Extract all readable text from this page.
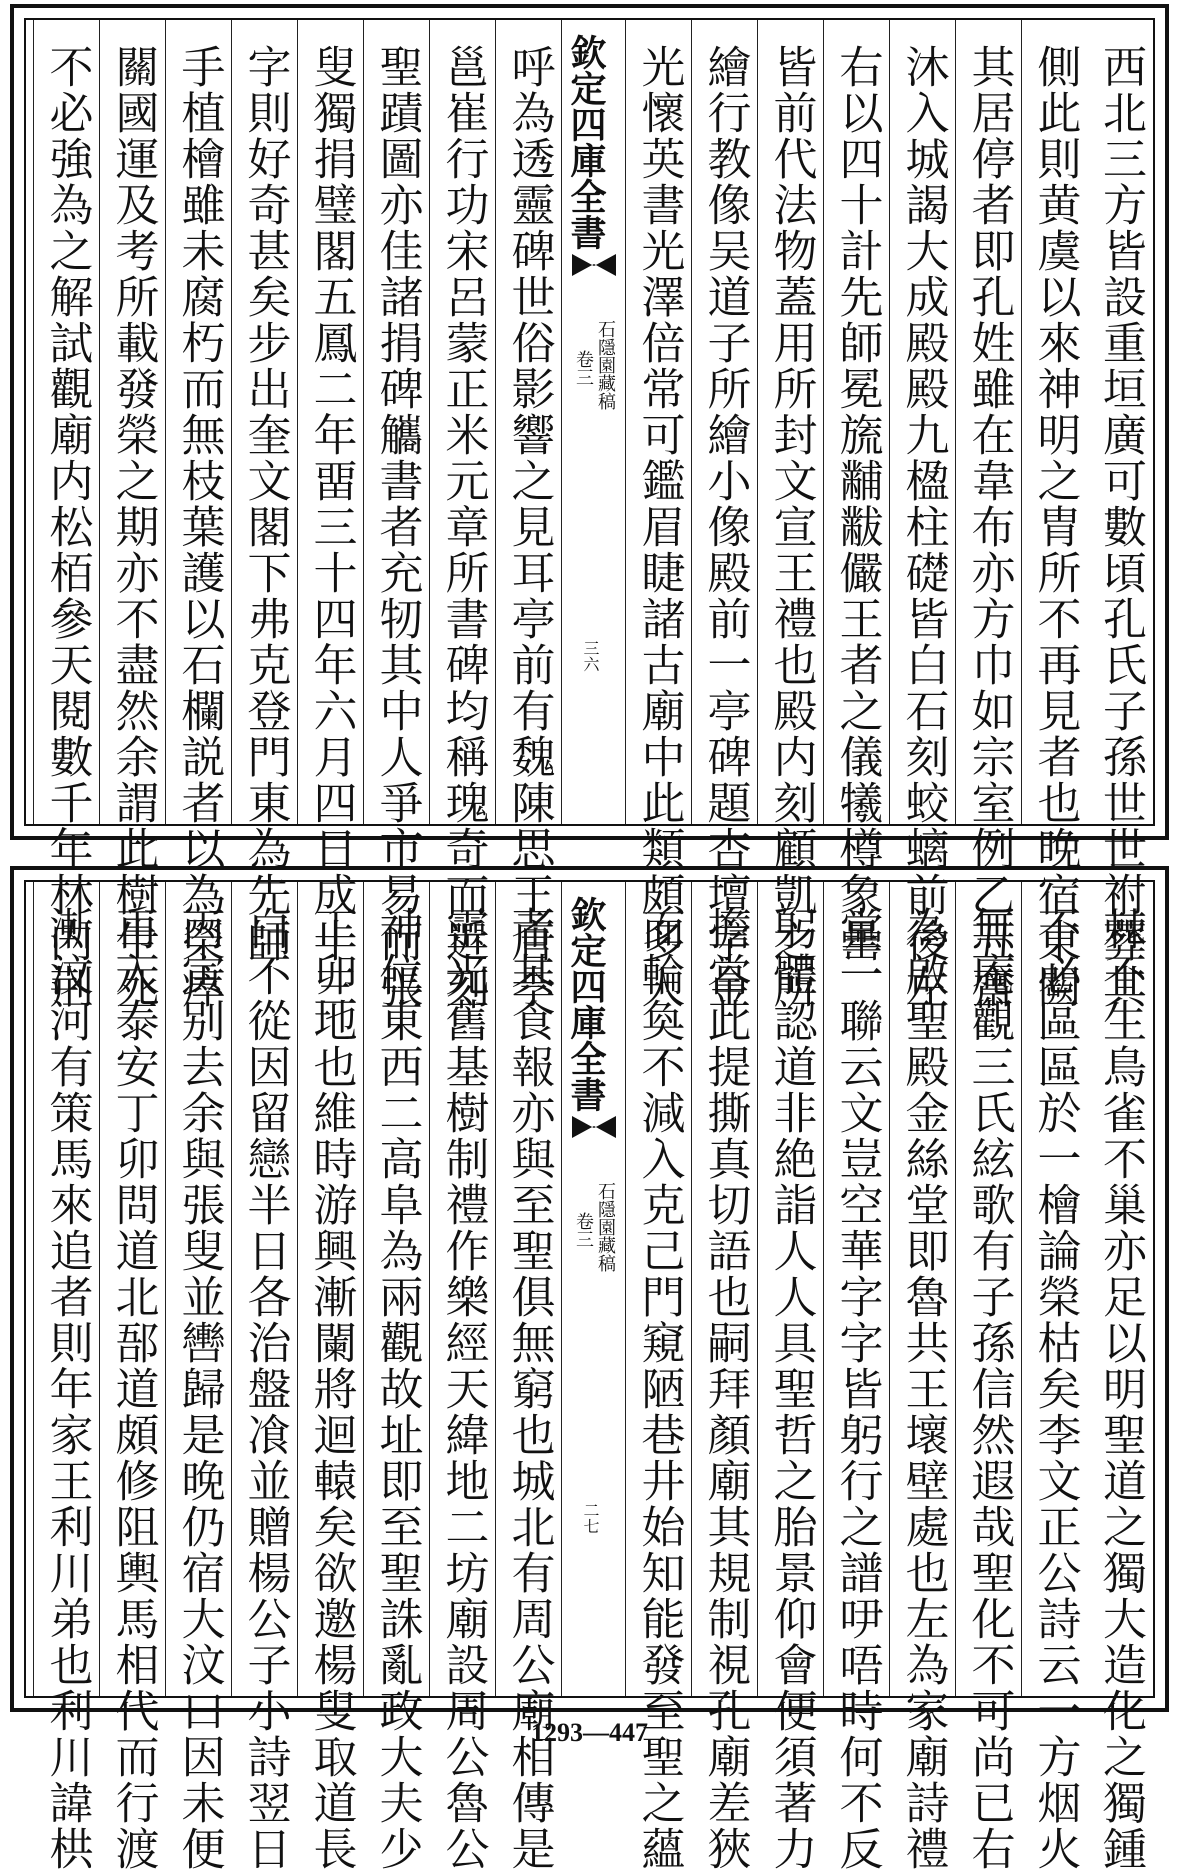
西北三方皆設重垣廣可數頃孔氏子孫世世祔葬其
側此則黄虞以來神明之胄所不再見者也晚宿東闕
其居停者即孔姓雖在韋布亦方巾如宗室例乙丑齋
沐入城謁大成殿殿九楹柱礎皆白石刻蛟螭前後左
右以四十計先師冕旒黼黻儼王者之儀犧樽象罍
皆前代法物蓋用所封文宣王禮也殿内刻顧凱之所
繪行教像吴道子所繪小像殿前一亭碑題杏壇字金
光懷英書光澤倍常可鑑眉睫諸古廟中此類頗多人
欽定四庫全書
石隱園藏稿
卷三
三六
呼為透靈碑世俗影響之見耳亭前有魏陳思王唐李
邕崔行功宋呂蒙正米元章所書碑均稱瑰奇而近刻
聖蹟圖亦佳諸捐碑觿書者充牣其中人爭市易而張
叟獨捐璧閣五鳳二年畱三十四年六月四日成十三
字則好奇甚矣步出奎文閣下弗克登門東為先師
手植檜雖未腐朽而無枝葉護以石欄説者以為榮瘁
關國運及考所載發榮之期亦不盡然余謂此樹生死
不必強為之解試觀廟内松栢參天閱數千年林内荆
棘不生鳥雀不巢亦足以明聖道之獨大造化之獨鍾
不必區區於一檜論榮枯矣李文正公詩云一方烟火
無庵觀三氏絃歌有子孫信然遐哉聖化不可尚已右
為啟聖殿金絲堂即魯共王壞壁處也左為家廟詩禮
堂一聯云文豈空華字字皆躬行之譜吚唔時何不反
躬體認道非絶詣人人具聖哲之胎景仰會便須著力
擔當此提撕真切語也嗣拜顏廟其規制視孔廟差狹
而輪奐不減入克己門窺陋巷井始知能發至聖之蘊
欽定四庫全書
石隱園藏稿
卷三
二七
者其食報亦與至聖俱無窮也城北有周公廟相傳是
靈光舊基樹制禮作樂經天緯地二坊廟設周公魯公
神位東西二高阜為兩觀故址即至聖誅亂政大夫少
正卯地也維時游興漸闌將迴轅矣欲邀楊叟取道長
白不從因留戀半日各治盤飡並贈楊公子小詩翌日
丙寅别去余與張叟並轡歸是晚仍宿大汶口因未便
再入泰安丁卯問道北郚道頗修阻輿馬相代而行渡
漸汶河有策馬來追者則年家王利川弟也利川諱栱	1293—447
